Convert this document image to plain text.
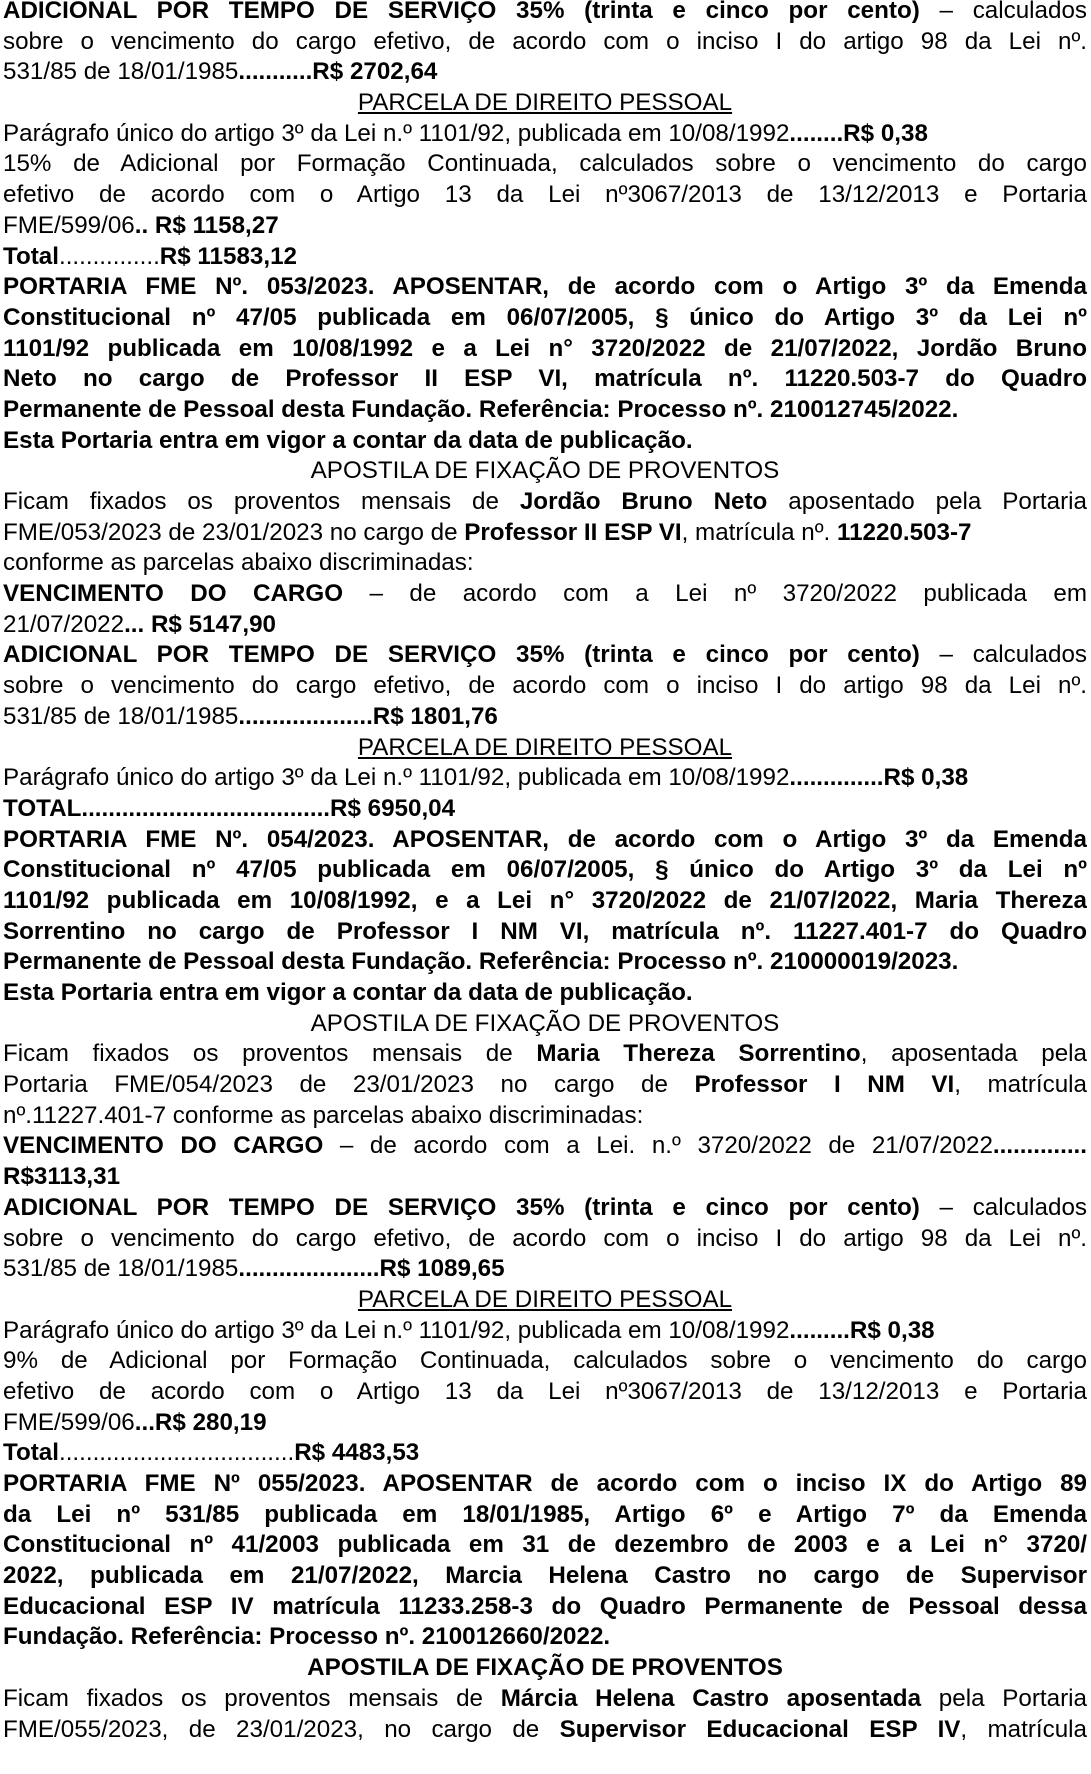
ADICIONAL POR TEMPO DE SERVIÇO 35% (trinta e cinco por cento) – calculados
sobre o vencimento do cargo efetivo, de acordo com o inciso I do artigo 98 da Lei nº.
531/85 de 18/01/1985...........R$ 2702,64
PARCELA DE DIREITO PESSOAL
Parágrafo único do artigo 3º da Lei n.º 1101/92, publicada em 10/08/1992........R$ 0,38
15% de Adicional por Formação Continuada, calculados sobre o vencimento do cargo
efetivo de acordo com o Artigo 13 da Lei nº3067/2013 de 13/12/2013 e Portaria
FME/599/06.. R$ 1158,27
Total...............R$ 11583,12
PORTARIA FME Nº. 053/2023. APOSENTAR, de acordo com o Artigo 3º da Emenda
Constitucional nº 47/05 publicada em 06/07/2005, § único do Artigo 3º da Lei nº
1101/92 publicada em 10/08/1992 e a Lei n° 3720/2022 de 21/07/2022, Jordão Bruno
Neto no cargo de Professor II ESP VI, matrícula nº. 11220.503-7 do Quadro
Permanente de Pessoal desta Fundação. Referência: Processo nº. 210012745/2022.
Esta Portaria entra em vigor a contar da data de publicação.
APOSTILA DE FIXAÇÃO DE PROVENTOS
Ficam fixados os proventos mensais de Jordão Bruno Neto aposentado pela Portaria
FME/053/2023 de 23/01/2023 no cargo de Professor II ESP VI, matrícula nº. 11220.503-7
conforme as parcelas abaixo discriminadas:
VENCIMENTO DO CARGO – de acordo com a Lei nº 3720/2022 publicada em
21/07/2022... R$ 5147,90
ADICIONAL POR TEMPO DE SERVIÇO 35% (trinta e cinco por cento) – calculados
sobre o vencimento do cargo efetivo, de acordo com o inciso I do artigo 98 da Lei nº.
531/85 de 18/01/1985....................R$ 1801,76
PARCELA DE DIREITO PESSOAL
Parágrafo único do artigo 3º da Lei n.º 1101/92, publicada em 10/08/1992..............R$ 0,38
TOTAL.....................................R$ 6950,04
PORTARIA FME Nº. 054/2023. APOSENTAR, de acordo com o Artigo 3º da Emenda
Constitucional nº 47/05 publicada em 06/07/2005, § único do Artigo 3º da Lei nº
1101/92 publicada em 10/08/1992, e a Lei n° 3720/2022 de 21/07/2022, Maria Thereza
Sorrentino no cargo de Professor I NM VI, matrícula nº. 11227.401-7 do Quadro
Permanente de Pessoal desta Fundação. Referência: Processo nº. 210000019/2023.
Esta Portaria entra em vigor a contar da data de publicação.
APOSTILA DE FIXAÇÃO DE PROVENTOS
Ficam fixados os proventos mensais de Maria Thereza Sorrentino, aposentada pela
Portaria FME/054/2023 de 23/01/2023 no cargo de Professor I NM VI, matrícula
nº.11227.401-7 conforme as parcelas abaixo discriminadas:
VENCIMENTO DO CARGO – de acordo com a Lei. n.º 3720/2022 de 21/07/2022..............
R$3113,31
ADICIONAL POR TEMPO DE SERVIÇO 35% (trinta e cinco por cento) – calculados
sobre o vencimento do cargo efetivo, de acordo com o inciso I do artigo 98 da Lei nº.
531/85 de 18/01/1985.....................R$ 1089,65
PARCELA DE DIREITO PESSOAL
Parágrafo único do artigo 3º da Lei n.º 1101/92, publicada em 10/08/1992.........R$ 0,38
9% de Adicional por Formação Continuada, calculados sobre o vencimento do cargo
efetivo de acordo com o Artigo 13 da Lei nº3067/2013 de 13/12/2013 e Portaria
FME/599/06...R$ 280,19
Total...................................R$ 4483,53
PORTARIA FME Nº 055/2023. APOSENTAR de acordo com o inciso IX do Artigo 89
da Lei nº 531/85 publicada em 18/01/1985, Artigo 6º e Artigo 7º da Emenda
Constitucional nº 41/2003 publicada em 31 de dezembro de 2003 e a Lei n° 3720/
2022, publicada em 21/07/2022, Marcia Helena Castro no cargo de Supervisor
Educacional ESP IV matrícula 11233.258-3 do Quadro Permanente de Pessoal dessa
Fundação. Referência: Processo nº. 210012660/2022.
APOSTILA DE FIXAÇÃO DE PROVENTOS
Ficam fixados os proventos mensais de Márcia Helena Castro aposentada pela Portaria
FME/055/2023, de 23/01/2023, no cargo de Supervisor Educacional ESP IV, matrícula
